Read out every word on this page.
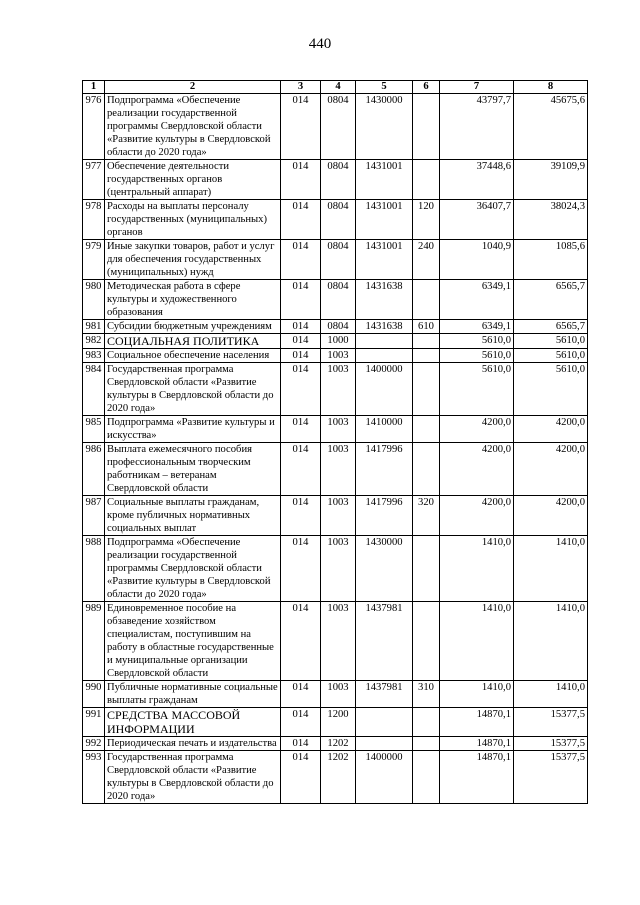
440
1	2	3	4	5	6	7	8
976	Подпрограмма «Обеспечение реализации государственной программы Свердловской области «Развитие культуры в Свердловской области до 2020 года»	014	0804	1430000		43797,7	45675,6
977	Обеспечение деятельности государственных органов (центральный аппарат)	014	0804	1431001		37448,6	39109,9
978	Расходы на выплаты персоналу государственных (муниципальных) органов	014	0804	1431001	120	36407,7	38024,3
979	Иные закупки товаров, работ и услуг для обеспечения государственных (муниципальных) нужд	014	0804	1431001	240	1040,9	1085,6
980	Методическая работа в сфере культуры и художественного образования	014	0804	1431638		6349,1	6565,7
981	Субсидии бюджетным учреждениям	014	0804	1431638	610	6349,1	6565,7
982	СОЦИАЛЬНАЯ ПОЛИТИКА	014	1000			5610,0	5610,0
983	Социальное обеспечение населения	014	1003			5610,0	5610,0
984	Государственная программа Свердловской области «Развитие культуры в Свердловской области до 2020 года»	014	1003	1400000		5610,0	5610,0
985	Подпрограмма «Развитие культуры и искусства»	014	1003	1410000		4200,0	4200,0
986	Выплата ежемесячного пособия профессиональным творческим работникам – ветеранам Свердловской области	014	1003	1417996		4200,0	4200,0
987	Социальные выплаты гражданам, кроме публичных нормативных социальных выплат	014	1003	1417996	320	4200,0	4200,0
988	Подпрограмма «Обеспечение реализации государственной программы Свердловской области «Развитие культуры в Свердловской области до 2020 года»	014	1003	1430000		1410,0	1410,0
989	Единовременное пособие на обзаведение хозяйством специалистам, поступившим на работу в областные государственные и муниципальные организации Свердловской области	014	1003	1437981		1410,0	1410,0
990	Публичные нормативные социальные выплаты гражданам	014	1003	1437981	310	1410,0	1410,0
991	СРЕДСТВА МАССОВОЙ ИНФОРМАЦИИ	014	1200			14870,1	15377,5
992	Периодическая печать и издательства	014	1202			14870,1	15377,5
993	Государственная программа Свердловской области «Развитие культуры в Свердловской области до 2020 года»	014	1202	1400000		14870,1	15377,5
